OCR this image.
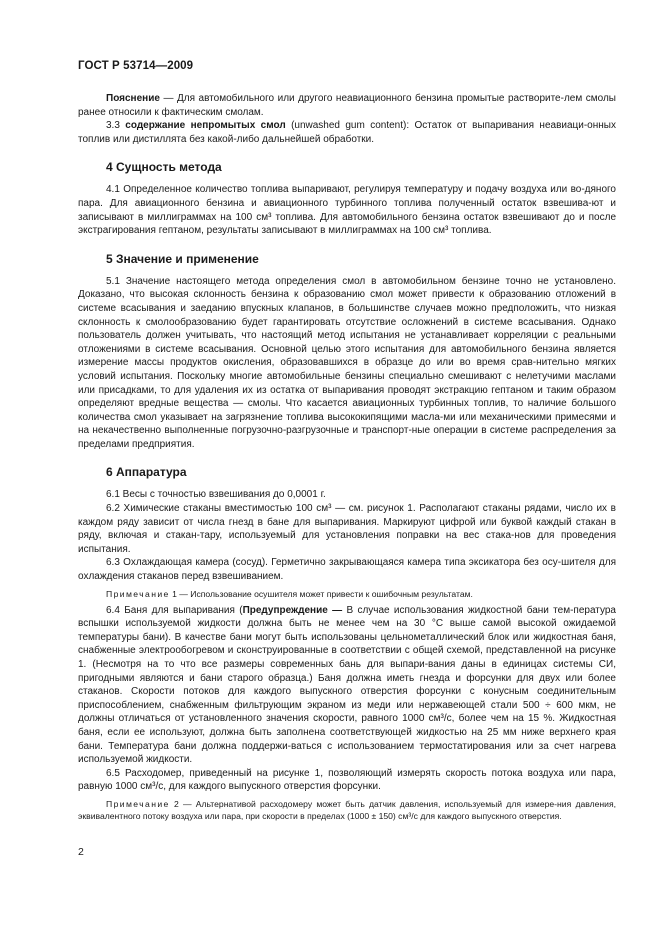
ГОСТ Р 53714—2009

Пояснение — Для автомобильного или другого неавиационного бензина промытые растворите-лем смолы ранее относили к фактическим смолам.

3.3 содержание непромытых смол (unwashed gum content): Остаток от выпаривания неавиаци-онных топлив или дистиллята без какой-либо дальнейшей обработки.

4 Сущность метода

4.1 Определенное количество топлива выпаривают, регулируя температуру и подачу воздуха или во-дяного пара. Для авиационного бензина и авиационного турбинного топлива полученный остаток взвешива-ют и записывают в миллиграммах на 100 см³ топлива. Для автомобильного бензина остаток взвешивают до и после экстрагирования гептаном, результаты записывают в миллиграммах на 100 см³ топлива.

5 Значение и применение

5.1 Значение настоящего метода определения смол в автомобильном бензине точно не установлено. Доказано, что высокая склонность бензина к образованию смол может привести к образованию отложений в системе всасывания и заеданию впускных клапанов, в большинстве случаев можно предположить, что низкая склонность к смолообразованию будет гарантировать отсутствие осложнений в системе всасывания. Однако пользователь должен учитывать, что настоящий метод испытания не устанавливает корреляции с реальными отложениями в системе всасывания. Основной целью этого испытания для автомобильного бензина является измерение массы продуктов окисления, образовавшихся в образце до или во время срав-нительно мягких условий испытания. Поскольку многие автомобильные бензины специально смешивают с нелетучими маслами или присадками, то для удаления их из остатка от выпаривания проводят экстракцию гептаном и таким образом определяют вредные вещества — смолы. Что касается авиационных турбинных топлив, то наличие большого количества смол указывает на загрязнение топлива высококипящими масла-ми или механическими примесями и на некачественно выполненные погрузочно-разгрузочные и транспорт-ные операции в системе распределения за пределами предприятия.

6 Аппаратура

6.1 Весы с точностью взвешивания до 0,0001 г.

6.2 Химические стаканы вместимостью 100 см³ — см. рисунок 1. Располагают стаканы рядами, число их в каждом ряду зависит от числа гнезд в бане для выпаривания. Маркируют цифрой или буквой каждый стакан в ряду, включая и стакан-тару, используемый для установления поправки на вес стака-нов для проведения испытания.

6.3 Охлаждающая камера (сосуд). Герметично закрывающаяся камера типа эксикатора без осу-шителя для охлаждения стаканов перед взвешиванием.

Примечание 1 — Использование осушителя может привести к ошибочным результатам.

6.4 Баня для выпаривания (Предупреждение — В случае использования жидкостной бани тем-пература вспышки используемой жидкости должна быть не менее чем на 30 °С выше самой высокой ожидаемой температуры бани). В качестве бани могут быть использованы цельнометаллический блок или жидкостная баня, снабженные электрообогревом и сконструированные в соответствии с общей схемой, представленной на рисунке 1. (Несмотря на то что все размеры современных бань для выпари-вания даны в единицах системы СИ, пригодными являются и бани старого образца.) Баня должна иметь гнезда и форсунки для двух или более стаканов. Скорости потоков для каждого выпускного отверстия форсунки с конусным соединительным приспособлением, снабженным фильтрующим экраном из меди или нержавеющей стали 500 ÷ 600 мкм, не должны отличаться от установленного значения скорости, равного 1000 см³/с, более чем на 15 %. Жидкостная баня, если ее используют, должна быть заполнена соответствующей жидкостью на 25 мм ниже верхнего края бани. Температура бани должна поддержи-ваться с использованием термостатирования или за счет нагрева используемой жидкости.

6.5 Расходомер, приведенный на рисунке 1, позволяющий измерять скорость потока воздуха или пара, равную 1000 см³/с, для каждого выпускного отверстия форсунки.

Примечание 2 — Альтернативой расходомеру может быть датчик давления, используемый для измере-ния давления, эквивалентного потоку воздуха или пара, при скорости в пределах (1000 ± 150) см³/с для каждого выпускного отверстия.

2
